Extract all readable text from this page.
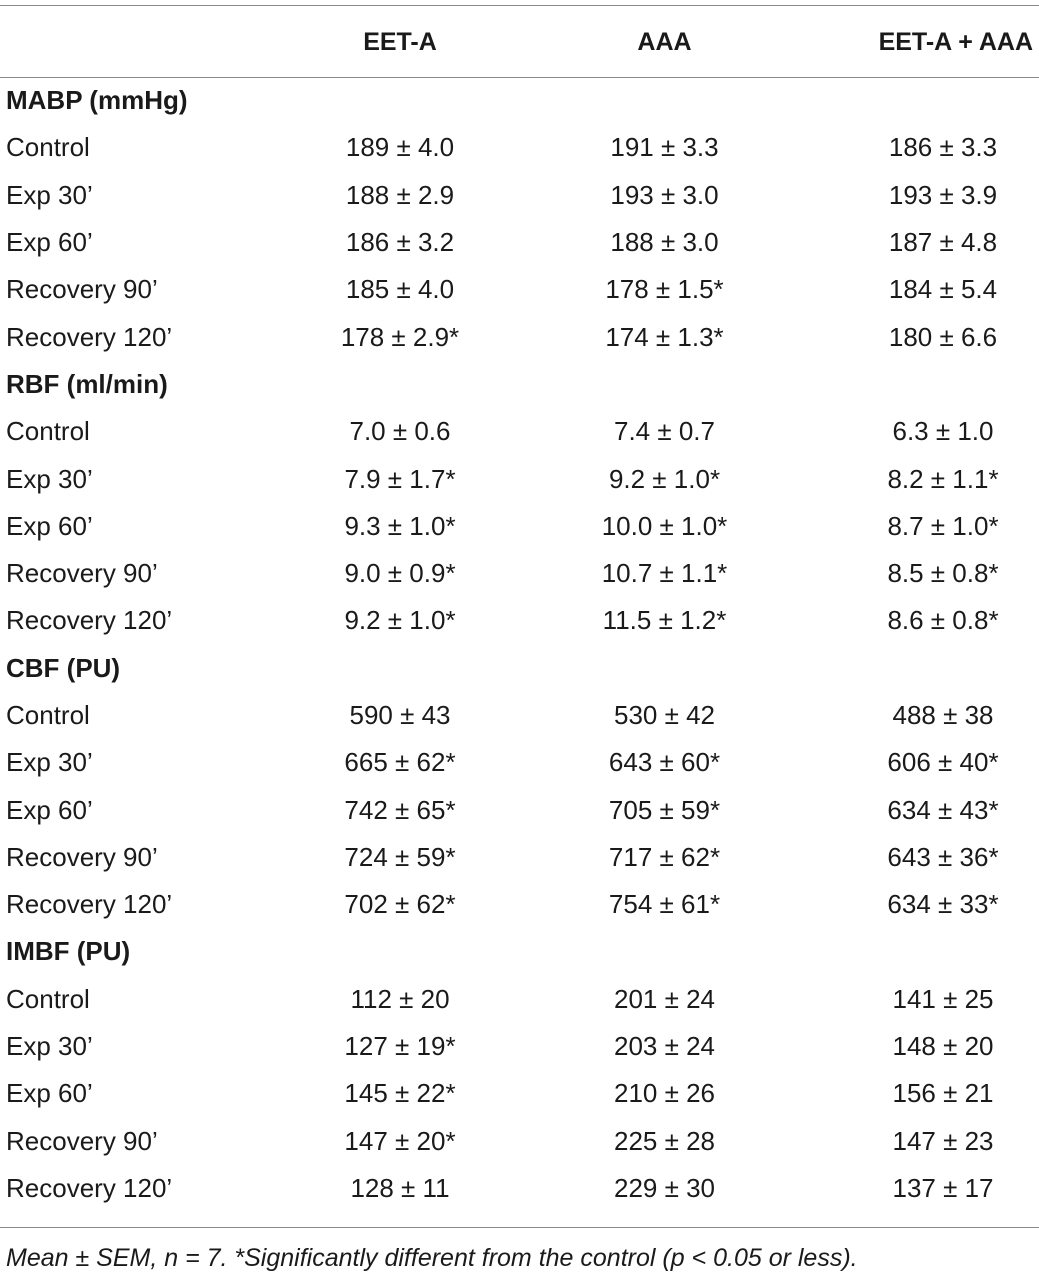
	EET-A	AAA	EET-A + AAA
MABP (mmHg)			
Control	189 ± 4.0	191 ± 3.3	186 ± 3.3
Exp 30’	188 ± 2.9	193 ± 3.0	193 ± 3.9
Exp 60’	186 ± 3.2	188 ± 3.0	187 ± 4.8
Recovery 90’	185 ± 4.0	178 ± 1.5*	184 ± 5.4
Recovery 120’	178 ± 2.9*	174 ± 1.3*	180 ± 6.6
RBF (ml/min)			
Control	7.0 ± 0.6	7.4 ± 0.7	6.3 ± 1.0
Exp 30’	7.9 ± 1.7*	9.2 ± 1.0*	8.2 ± 1.1*
Exp 60’	9.3 ± 1.0*	10.0 ± 1.0*	8.7 ± 1.0*
Recovery 90’	9.0 ± 0.9*	10.7 ± 1.1*	8.5 ± 0.8*
Recovery 120’	9.2 ± 1.0*	11.5 ± 1.2*	8.6 ± 0.8*
CBF (PU)			
Control	590 ± 43	530 ± 42	488 ± 38
Exp 30’	665 ± 62*	643 ± 60*	606 ± 40*
Exp 60’	742 ± 65*	705 ± 59*	634 ± 43*
Recovery 90’	724 ± 59*	717 ± 62*	643 ± 36*
Recovery 120’	702 ± 62*	754 ± 61*	634 ± 33*
IMBF (PU)			
Control	112 ± 20	201 ± 24	141 ± 25
Exp 30’	127 ± 19*	203 ± 24	148 ± 20
Exp 60’	145 ± 22*	210 ± 26	156 ± 21
Recovery 90’	147 ± 20*	225 ± 28	147 ± 23
Recovery 120’	128 ± 11	229 ± 30	137 ± 17
Mean ± SEM, n = 7. *Significantly different from the control (p < 0.05 or less).
